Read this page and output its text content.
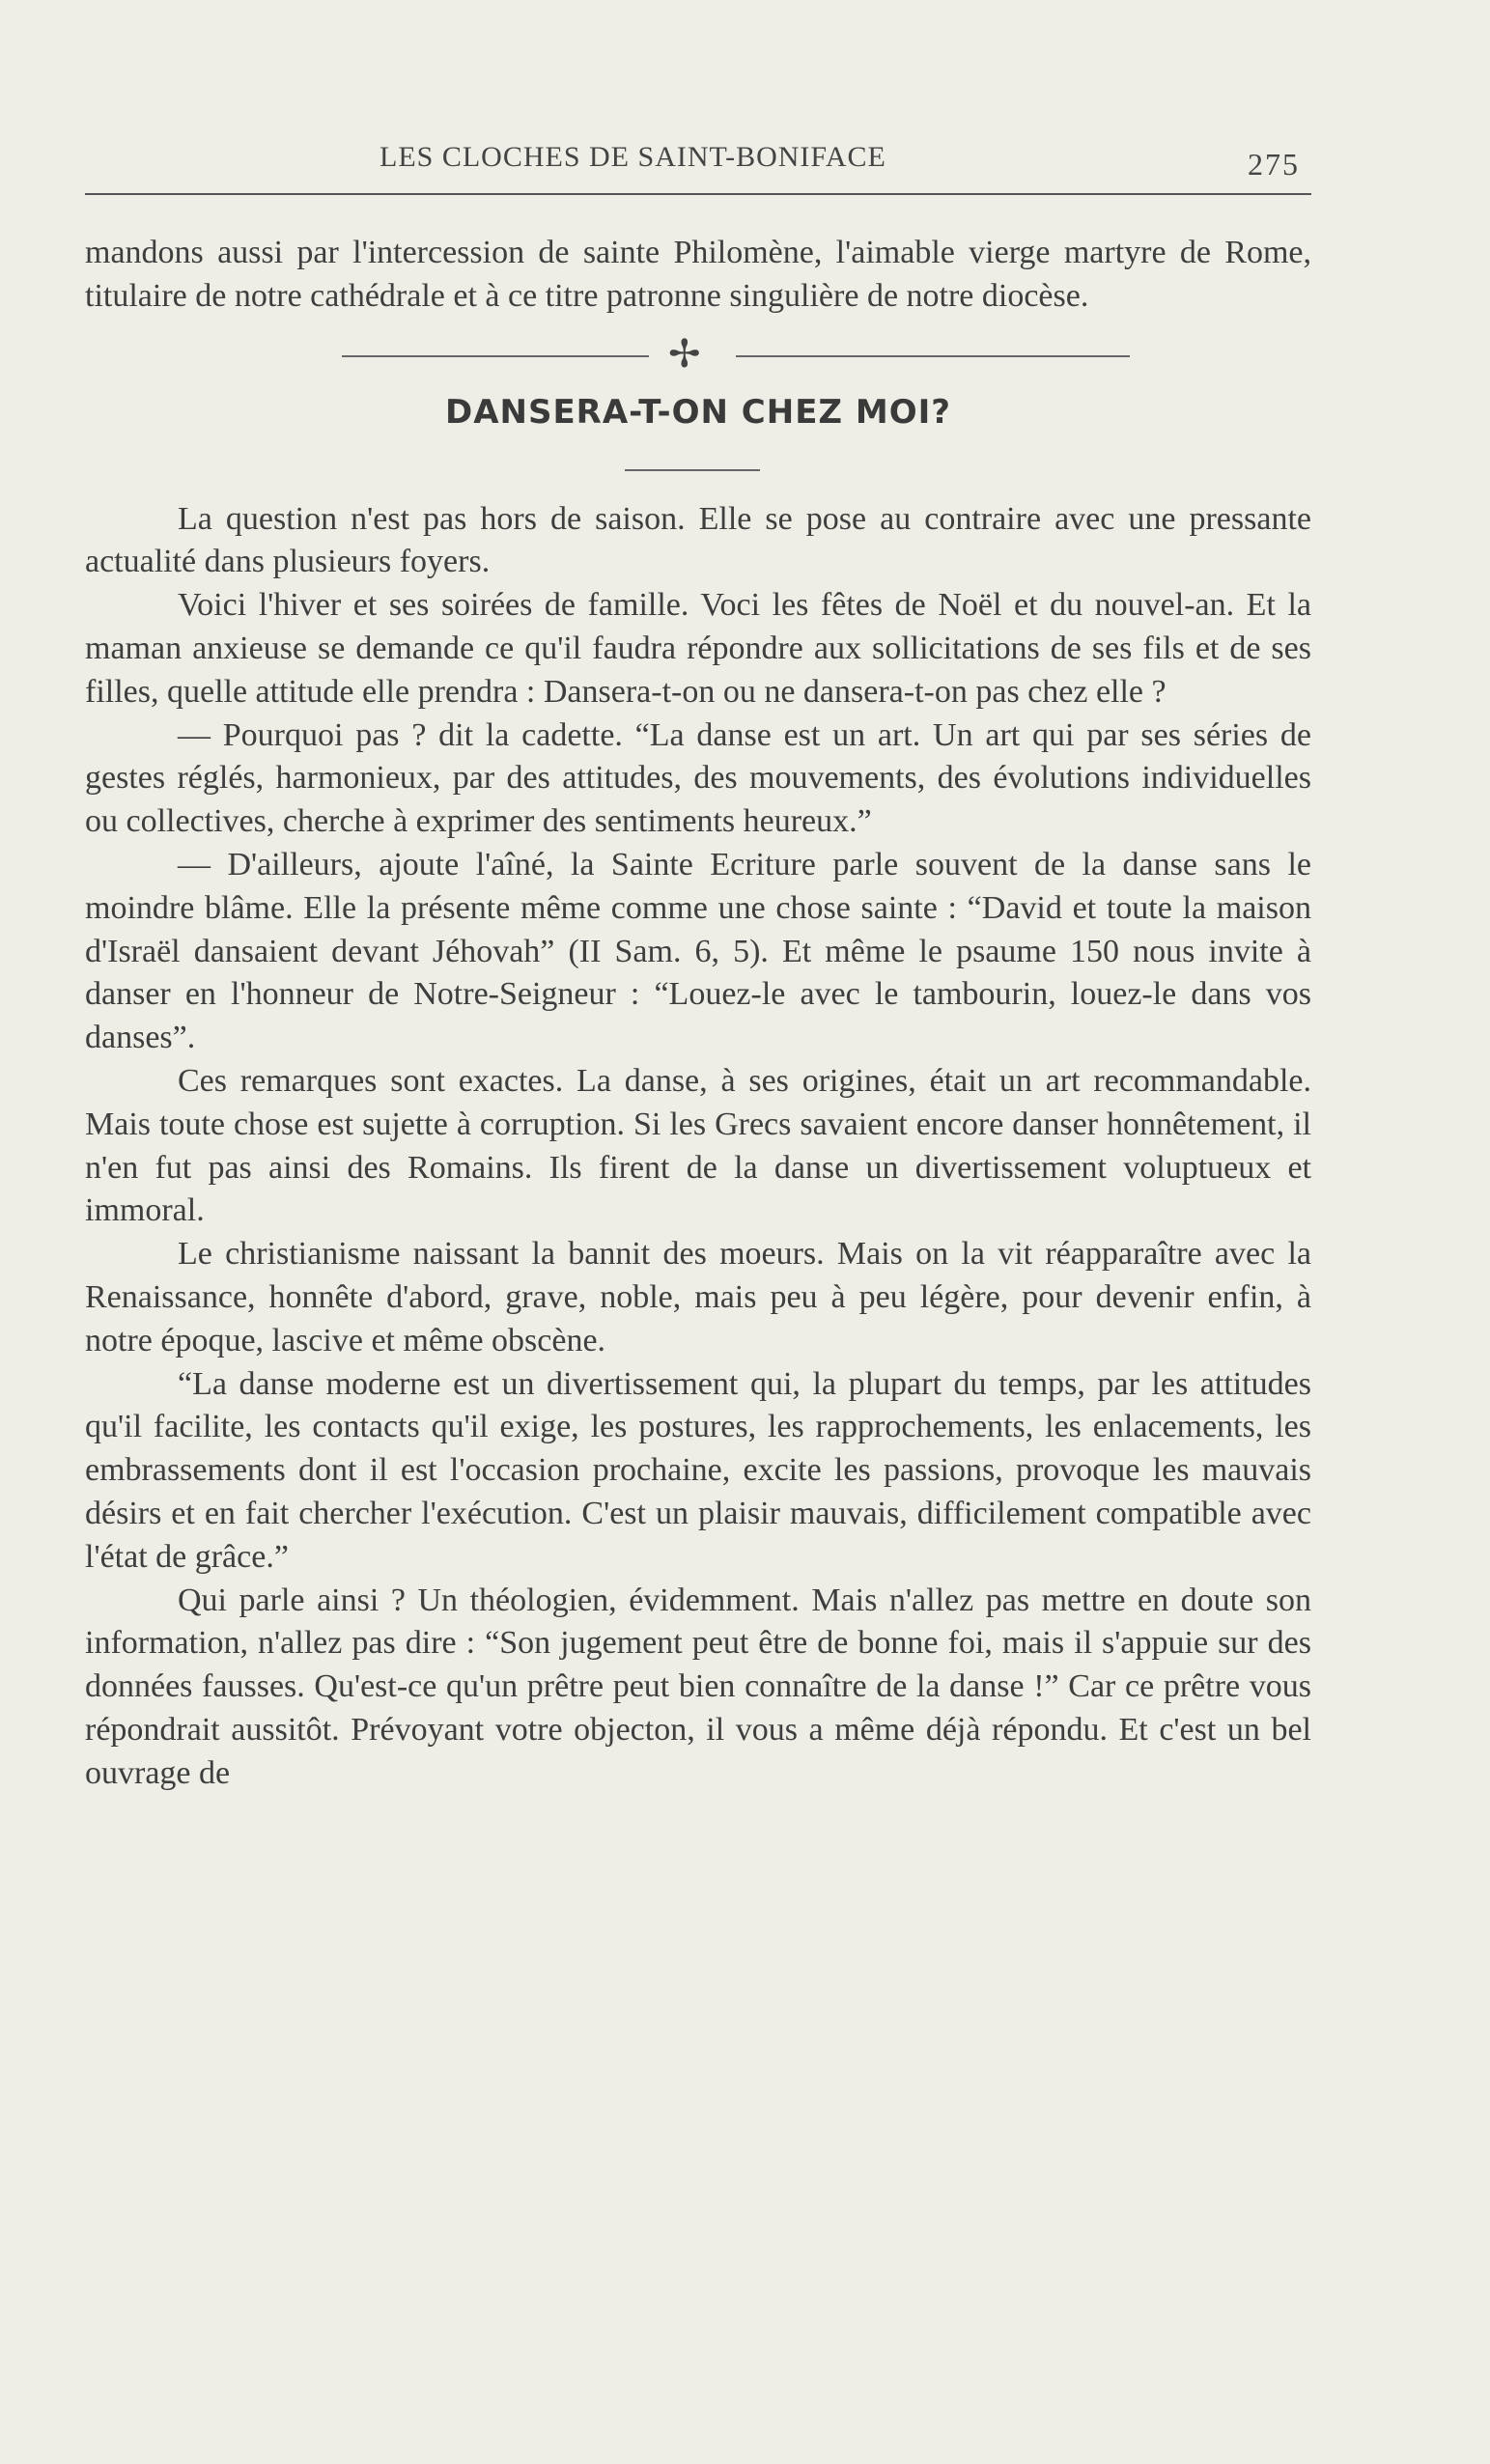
LES CLOCHES DE SAINT-BONIFACE	275

mandons aussi par l'intercession de sainte Philomène, l'aimable vierge martyre de Rome, titulaire de notre cathédrale et à ce titre patronne singulière de notre diocèse.

✢
DANSERA-T-ON CHEZ MOI?

La question n'est pas hors de saison. Elle se pose au contraire avec une pressante actualité dans plusieurs foyers.

Voici l'hiver et ses soirées de famille. Voci les fêtes de Noël et du nouvel-an. Et la maman anxieuse se demande ce qu'il faudra répondre aux sollicitations de ses fils et de ses filles, quelle attitude elle prendra : Dansera-t-on ou ne dansera-t-on pas chez elle ?

— Pourquoi pas ? dit la cadette. “La danse est un art. Un art qui par ses séries de gestes réglés, harmonieux, par des attitudes, des mouvements, des évolutions individuelles ou collectives, cherche à exprimer des sentiments heureux.”

— D'ailleurs, ajoute l'aîné, la Sainte Ecriture parle souvent de la danse sans le moindre blâme. Elle la présente même comme une chose sainte : “David et toute la maison d'Israël dansaient devant Jéhovah” (II Sam. 6, 5). Et même le psaume 150 nous invite à danser en l'honneur de Notre-Seigneur : “Louez-le avec le tambourin, louez-le dans vos danses”.

Ces remarques sont exactes. La danse, à ses origines, était un art recommandable. Mais toute chose est sujette à corruption. Si les Grecs savaient encore danser honnêtement, il n'en fut pas ainsi des Romains. Ils firent de la danse un divertissement voluptueux et immoral.

Le christianisme naissant la bannit des moeurs. Mais on la vit réapparaître avec la Renaissance, honnête d'abord, grave, noble, mais peu à peu légère, pour devenir enfin, à notre époque, lascive et même obscène.

“La danse moderne est un divertissement qui, la plupart du temps, par les attitudes qu'il facilite, les contacts qu'il exige, les postures, les rapprochements, les enlacements, les embrassements dont il est l'occasion prochaine, excite les passions, provoque les mauvais désirs et en fait chercher l'exécution. C'est un plaisir mauvais, difficilement compatible avec l'état de grâce.”

Qui parle ainsi ? Un théologien, évidemment. Mais n'allez pas mettre en doute son information, n'allez pas dire : “Son jugement peut être de bonne foi, mais il s'appuie sur des données fausses. Qu'est-ce qu'un prêtre peut bien connaître de la danse !” Car ce prêtre vous répondrait aussitôt. Prévoyant votre objecton, il vous a même déjà répondu. Et c'est un bel ouvrage de
